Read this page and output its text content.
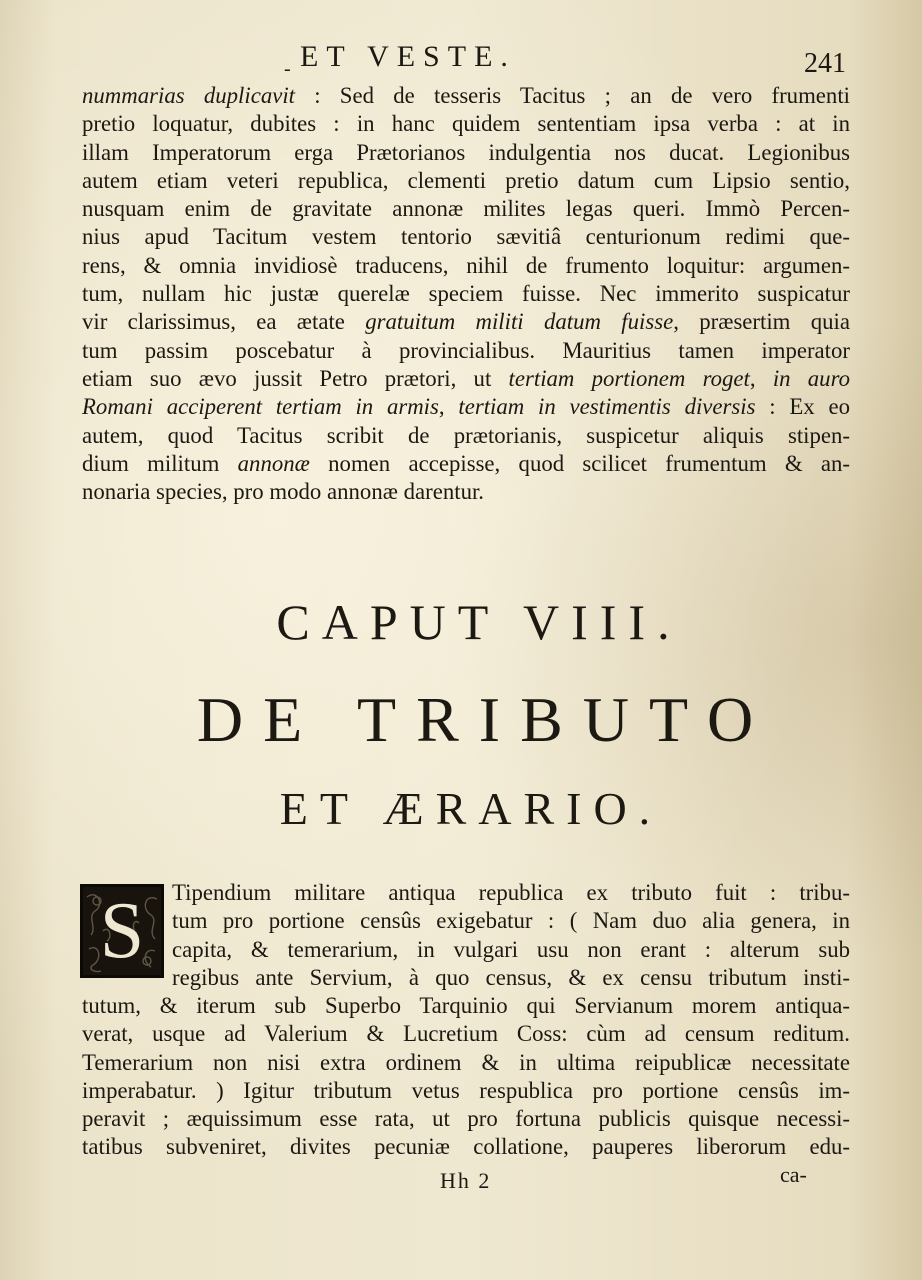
- ET VESTE.	241
nummarias duplicavit : Sed de tesseris Tacitus ; an de vero frumenti
pretio loquatur, dubites : in hanc quidem sententiam ipsa verba : at in
illam Imperatorum erga Prætorianos indulgentia nos ducat. Legionibus
autem etiam veteri republica, clementi pretio datum cum Lipsio sentio,
nusquam enim de gravitate annonæ milites legas queri. Immò Percen-
nius apud Tacitum vestem tentorio sævitiâ centurionum redimi que-
rens, & omnia invidiosè traducens, nihil de frumento loquitur: argumen-
tum, nullam hic justæ querelæ speciem fuisse. Nec immerito suspicatur
vir clarissimus, ea ætate gratuitum militi datum fuisse, præsertim quia
tum passim poscebatur à provincialibus. Mauritius tamen imperator
etiam suo ævo jussit Petro prætori, ut tertiam portionem roget, in auro
Romani acciperent tertiam in armis, tertiam in vestimentis diversis : Ex eo
autem, quod Tacitus scribit de prætorianis, suspicetur aliquis stipen-
dium militum annonæ nomen accepisse, quod scilicet frumentum & an-
nonaria species, pro modo annonæ darentur.
CAPUT VIII.
DE TRIBUTO
ET ÆRARIO.
S	Tipendium militare antiqua republica ex tributo fuit : tribu-
tum pro portione censûs exigebatur : ( Nam duo alia genera, in
capita, & temerarium, in vulgari usu non erant : alterum sub
regibus ante Servium, à quo census, & ex censu tributum insti-
tutum, & iterum sub Superbo Tarquinio qui Servianum morem antiqua-
verat, usque ad Valerium & Lucretium Coss: cùm ad censum reditum.
Temerarium non nisi extra ordinem & in ultima reipublicæ necessitate
imperabatur. ) Igitur tributum vetus respublica pro portione censûs im-
peravit ; æquissimum esse rata, ut pro fortuna publicis quisque necessi-
tatibus subveniret, divites pecuniæ collatione, pauperes liberorum edu-
Hh 2	ca-
